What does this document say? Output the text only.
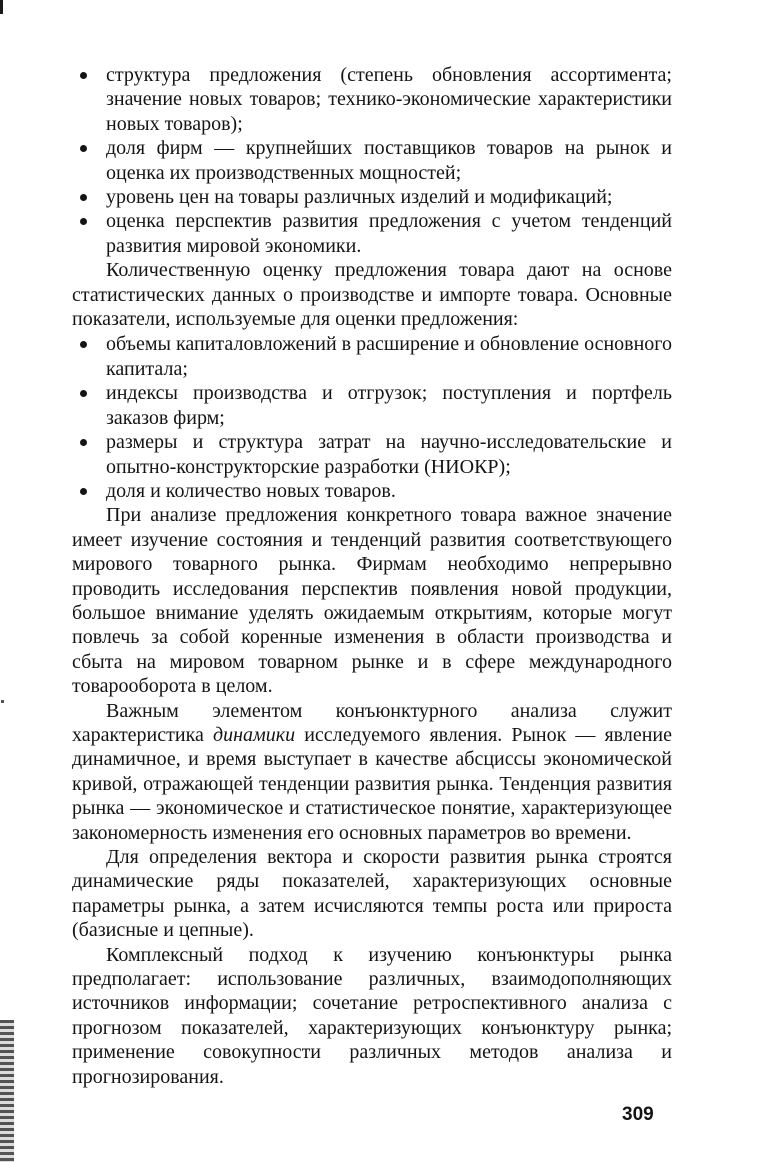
структура предложения (степень обновления ассортимента; значение новых товаров; технико-экономические характеристики новых товаров);
доля фирм — крупнейших поставщиков товаров на рынок и оценка их производственных мощностей;
уровень цен на товары различных изделий и модификаций;
оценка перспектив развития предложения с учетом тенденций развития мировой экономики.

Количественную оценку предложения товара дают на основе статистических данных о производстве и импорте товара. Основные показатели, используемые для оценки предложения:

объемы капиталовложений в расширение и обновление основного капитала;
индексы производства и отгрузок; поступления и портфель заказов фирм;
размеры и структура затрат на научно-исследовательские и опытно-конструкторские разработки (НИОКР);
доля и количество новых товаров.

При анализе предложения конкретного товара важное значение имеет изучение состояния и тенденций развития соответствующего мирового товарного рынка. Фирмам необходимо непрерывно проводить исследования перспектив появления новой продукции, большое внимание уделять ожидаемым открытиям, которые могут повлечь за собой коренные изменения в области производства и сбыта на мировом товарном рынке и в сфере международного товарооборота в целом.

Важным элементом конъюнктурного анализа служит характеристика динамики исследуемого явления. Рынок — явление динамичное, и время выступает в качестве абсциссы экономической кривой, отражающей тенденции развития рынка. Тенденция развития рынка — экономическое и статистическое понятие, характеризующее закономерность изменения его основных параметров во времени.

Для определения вектора и скорости развития рынка строятся динамические ряды показателей, характеризующих основные параметры рынка, а затем исчисляются темпы роста или прироста (базисные и цепные).

Комплексный подход к изучению конъюнктуры рынка предполагает: использование различных, взаимодополняющих источников информации; сочетание ретроспективного анализа с прогнозом показателей, характеризующих конъюнктуру рынка; применение совокупности различных методов анализа и прогнозирования.

309
